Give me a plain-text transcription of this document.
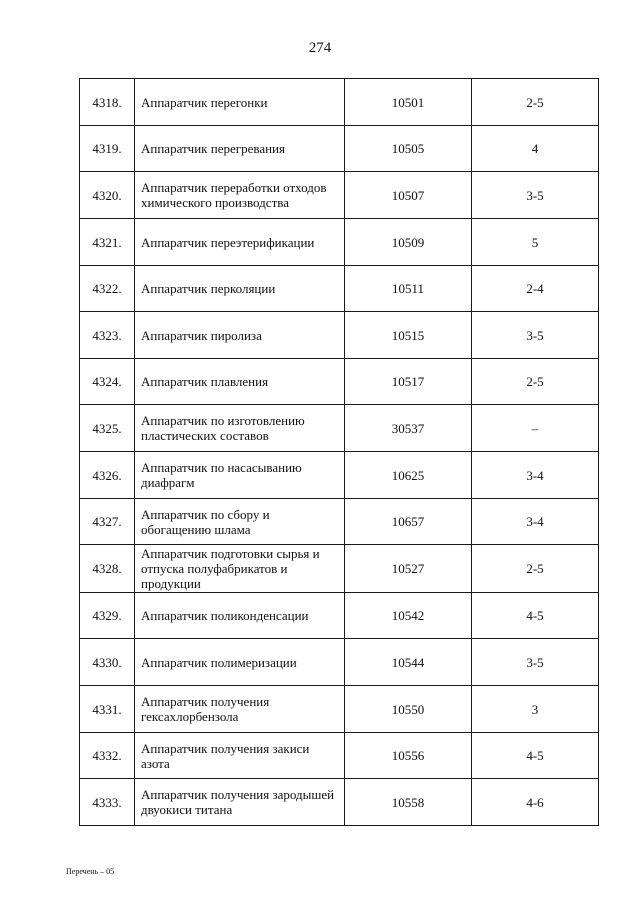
274
4318.	Аппаратчик перегонки	10501	2-5
4319.	Аппаратчик перегревания	10505	4
4320.	Аппаратчик переработки отходов химического производства	10507	3-5
4321.	Аппаратчик переэтерификации	10509	5
4322.	Аппаратчик перколяции	10511	2-4
4323.	Аппаратчик пиролиза	10515	3-5
4324.	Аппаратчик плавления	10517	2-5
4325.	Аппаратчик по изготовлению пластических составов	30537	–
4326.	Аппаратчик по насасыванию диафрагм	10625	3-4
4327.	Аппаратчик по сбору и обогащению шлама	10657	3-4
4328.	Аппаратчик подготовки сырья и отпуска полуфабрикатов и продукции	10527	2-5
4329.	Аппаратчик поликонденсации	10542	4-5
4330.	Аппаратчик полимеризации	10544	3-5
4331.	Аппаратчик получения гексахлорбензола	10550	3
4332.	Аппаратчик получения закиси азота	10556	4-5
4333.	Аппаратчик получения зародышей двуокиси титана	10558	4-6
Перечень – 05
